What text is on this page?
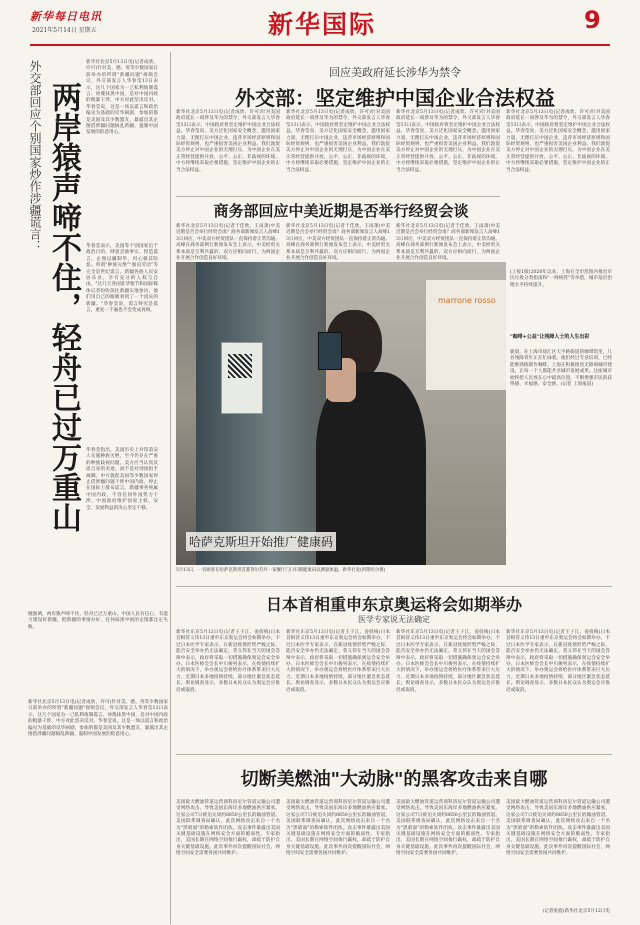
新华每日电讯
2021年5月14日 星期五	新华国际	9
外交部回应个别国家炒作涉疆谎言： 两岸猿声啼不住，轻舟已过万重山
新华社北京5月13日电(记者成欣、许可)针对美、德、英等少数国家日前举办的所谓"新疆问题"视频会议，外交部发言人华春莹13日表示，这几个国家为一己私利炮制谎言、诬蔑抹黑中国，是对中国内政的粗暴干涉，中方对此坚决反对。华春莹说，这是一场以谎言和政治偏见为基础的反华闹剧，参加的都是美国及其少数盟友，暴露出其企图借涉疆问题搞乱新疆、遏制中国发展的险恶用心。
华春莹表示，美国等个别国家出于政治目的，肆意歪曲事实、捏造谎言，企图以疆制华，用心极其险恶。所谓"种族灭绝""强迫劳动"等完全是世纪谎言，新疆各族人民安居乐业，享有充分的人权与自由。"这几天各国驻华使节和国际媒体记者纷纷前往新疆实地参访，他们用自己的眼睛看到了一个真实的新疆。"华春莹说，谎言终究是谎言，重复一千遍也不会变成真相。
华春莹指出，美国历史上对印第安人实施种族灭绝，至今仍存在严重的种族歧视问题。美方应当认真反思自身的劣迹，而不是对别国指手画脚。中方敦促美国等少数国家停止借涉疆问题干涉中国内政，停止在国际上散布谎言。新疆事务纯属中国内政，不容任何外国势力干涉。中国政府维护国家主权、安全、发展利益的决心坚定不移。
她强调，两岸猿声啼不住，轻舟已过万重山。中国人民有信心、有能力建设好新疆，把新疆的事情办好，任何抹黑中国的企图都注定失败。
新华社北京5月13日电(记者成欣、许可)针对美、德、英等少数国家日前举办的所谓"新疆问题"视频会议，外交部发言人华春莹13日表示，这几个国家为一己私利炮制谎言、诬蔑抹黑中国，是对中国内政的粗暴干涉，中方对此坚决反对。华春莹说，这是一场以谎言和政治偏见为基础的反华闹剧，参加的都是美国及其少数盟友，暴露出其企图借涉疆问题搞乱新疆、遏制中国发展的险恶用心。
回应美政府延长涉华为禁令
外交部：坚定维护中国企业合法权益
新华社北京5月13日电(记者成欣、许可)针对美国政府延长一项涉及华为的禁令，外交部发言人华春莹13日表示，中国政府将坚定维护中国企业合法权益。华春莹说，美方泛化国家安全概念，滥用国家力量，无理打压中国企业，违背市场经济原则和国际经贸规则，也严重损害美国企业利益。我们敦促美方停止对中国企业的无理打压，为中国企业在美正常经营提供开放、公平、公正、非歧视的环境。中方将继续采取必要措施，坚定维护中国企业的正当合法权益。
新华社北京5月13日电(记者成欣、许可)针对美国政府延长一项涉及华为的禁令，外交部发言人华春莹13日表示，中国政府将坚定维护中国企业合法权益。华春莹说，美方泛化国家安全概念，滥用国家力量，无理打压中国企业，违背市场经济原则和国际经贸规则，也严重损害美国企业利益。我们敦促美方停止对中国企业的无理打压，为中国企业在美正常经营提供开放、公平、公正、非歧视的环境。中方将继续采取必要措施，坚定维护中国企业的正当合法权益。
新华社北京5月13日电(记者成欣、许可)针对美国政府延长一项涉及华为的禁令，外交部发言人华春莹13日表示，中国政府将坚定维护中国企业合法权益。华春莹说，美方泛化国家安全概念，滥用国家力量，无理打压中国企业，违背市场经济原则和国际经贸规则，也严重损害美国企业利益。我们敦促美方停止对中国企业的无理打压，为中国企业在美正常经营提供开放、公平、公正、非歧视的环境。中方将继续采取必要措施，坚定维护中国企业的正当合法权益。
新华社北京5月13日电(记者成欣、许可)针对美国政府延长一项涉及华为的禁令，外交部发言人华春莹13日表示，中国政府将坚定维护中国企业合法权益。华春莹说，美方泛化国家安全概念，滥用国家力量，无理打压中国企业，违背市场经济原则和国际经贸规则，也严重损害美国企业利益。我们敦促美方停止对中国企业的无理打压，为中国企业在美正常经营提供开放、公平、公正、非歧视的环境。中方将继续采取必要措施，坚定维护中国企业的正当合法权益。
商务部回应中美近期是否举行经贸会谈
新华社北京5月13日电(记者于佳欣、王雨萧)中美近期是否会举行经贸会谈？商务部新闻发言人高峰13日回应，中美双方经贸团队一直保持着正常沟通。高峰在商务部例行新闻发布会上表示，中美经贸关系本质是互利共赢的，双方应相向而行，为两国企业开展合作创造良好环境。
新华社北京5月13日电(记者于佳欣、王雨萧)中美近期是否会举行经贸会谈？商务部新闻发言人高峰13日回应，中美双方经贸团队一直保持着正常沟通。高峰在商务部例行新闻发布会上表示，中美经贸关系本质是互利共赢的，双方应相向而行，为两国企业开展合作创造良好环境。
新华社北京5月13日电(记者于佳欣、王雨萧)中美近期是否会举行经贸会谈？商务部新闻发言人高峰13日回应，中美双方经贸团队一直保持着正常沟通。高峰在商务部例行新闻发布会上表示，中美经贸关系本质是互利共赢的，双方应相向而行，为两国企业开展合作创造良好环境。
marrone rosso
哈萨克斯坦开始推广健康码
5月13日，一名顾客在哈萨克斯坦首都努尔苏丹一家餐厅门口扫描健康码以测量体温。新华社发(阿斯哈尔摄)
(上接1版)2020年以来，上海在全市范围内推出市民垃圾分类指南和"一网统管"等举措，城市基层治理水平持续提升。
"咖啡+公益"让残障人士的人生出彩
鹿晨，在上海市徐汇区天平路街道的咖啡馆里，几名残障青年正在忙碌着。他们经过专业培训，已经能够熟练制作咖啡。上海正积极推进无障碍城市建设，让每一个人都能共享城市发展成果。这座城市始终把人民放在心中最高位置，不断增强市民的获得感、幸福感、安全感。(记者 上海报道)
日本首相重申东京奥运将会如期举办
医学专家说无法确定
新华社东京5月13日电(记者王子江、姜俏梅)日本首相菅义伟13日重申东京奥运会将会如期举办，不过日本医学专家表示，在新冠疫情形势严峻之际，能否安全举办仍无法确定。菅义伟在当天的国会答辩中表示，政府将采取一切措施确保奥运会安全举办。日本医师会会长中川俊男表示，在疫情持续扩大的情况下，举办奥运会将给医疗体系带来巨大压力。近期日本多地疫情持续，部分地区紧急状态延长。舆论调查显示，多数日本民众认为奥运会应推迟或取消。
新华社东京5月13日电(记者王子江、姜俏梅)日本首相菅义伟13日重申东京奥运会将会如期举办，不过日本医学专家表示，在新冠疫情形势严峻之际，能否安全举办仍无法确定。菅义伟在当天的国会答辩中表示，政府将采取一切措施确保奥运会安全举办。日本医师会会长中川俊男表示，在疫情持续扩大的情况下，举办奥运会将给医疗体系带来巨大压力。近期日本多地疫情持续，部分地区紧急状态延长。舆论调查显示，多数日本民众认为奥运会应推迟或取消。
新华社东京5月13日电(记者王子江、姜俏梅)日本首相菅义伟13日重申东京奥运会将会如期举办，不过日本医学专家表示，在新冠疫情形势严峻之际，能否安全举办仍无法确定。菅义伟在当天的国会答辩中表示，政府将采取一切措施确保奥运会安全举办。日本医师会会长中川俊男表示，在疫情持续扩大的情况下，举办奥运会将给医疗体系带来巨大压力。近期日本多地疫情持续，部分地区紧急状态延长。舆论调查显示，多数日本民众认为奥运会应推迟或取消。
新华社东京5月13日电(记者王子江、姜俏梅)日本首相菅义伟13日重申东京奥运会将会如期举办，不过日本医学专家表示，在新冠疫情形势严峻之际，能否安全举办仍无法确定。菅义伟在当天的国会答辩中表示，政府将采取一切措施确保奥运会安全举办。日本医师会会长中川俊男表示，在疫情持续扩大的情况下，举办奥运会将给医疗体系带来巨大压力。近期日本多地疫情持续，部分地区紧急状态延长。舆论调查显示，多数日本民众认为奥运会应推迟或取消。
切断美燃油"大动脉"的黑客攻击来自哪
美国最大燃油管道运营商科洛尼尔管道运输公司遭受网络攻击，导致美国东海岸多地燃油供应紧张。这家公司7日被迫关闭约8850公里长的输油管道。美国联邦调查局确认，此次网络攻击来自一个名为"黑暗面"的勒索软件团伙。攻击事件暴露出美国关键基础设施在网络安全方面的脆弱性。专家指出，美国长期在网络空间推行霸权，却疏于防护自身关键基础设施。此次事件再次提醒国际社会，网络空间安全需要各国共同维护。
美国最大燃油管道运营商科洛尼尔管道运输公司遭受网络攻击，导致美国东海岸多地燃油供应紧张。这家公司7日被迫关闭约8850公里长的输油管道。美国联邦调查局确认，此次网络攻击来自一个名为"黑暗面"的勒索软件团伙。攻击事件暴露出美国关键基础设施在网络安全方面的脆弱性。专家指出，美国长期在网络空间推行霸权，却疏于防护自身关键基础设施。此次事件再次提醒国际社会，网络空间安全需要各国共同维护。
美国最大燃油管道运营商科洛尼尔管道运输公司遭受网络攻击，导致美国东海岸多地燃油供应紧张。这家公司7日被迫关闭约8850公里长的输油管道。美国联邦调查局确认，此次网络攻击来自一个名为"黑暗面"的勒索软件团伙。攻击事件暴露出美国关键基础设施在网络安全方面的脆弱性。专家指出，美国长期在网络空间推行霸权，却疏于防护自身关键基础设施。此次事件再次提醒国际社会，网络空间安全需要各国共同维护。
美国最大燃油管道运营商科洛尼尔管道运输公司遭受网络攻击，导致美国东海岸多地燃油供应紧张。这家公司7日被迫关闭约8850公里长的输油管道。美国联邦调查局确认，此次网络攻击来自一个名为"黑暗面"的勒索软件团伙。攻击事件暴露出美国关键基础设施在网络安全方面的脆弱性。专家指出，美国长期在网络空间推行霸权，却疏于防护自身关键基础设施。此次事件再次提醒国际社会，网络空间安全需要各国共同维护。
(记者张旋)新华社北京5月12日电
